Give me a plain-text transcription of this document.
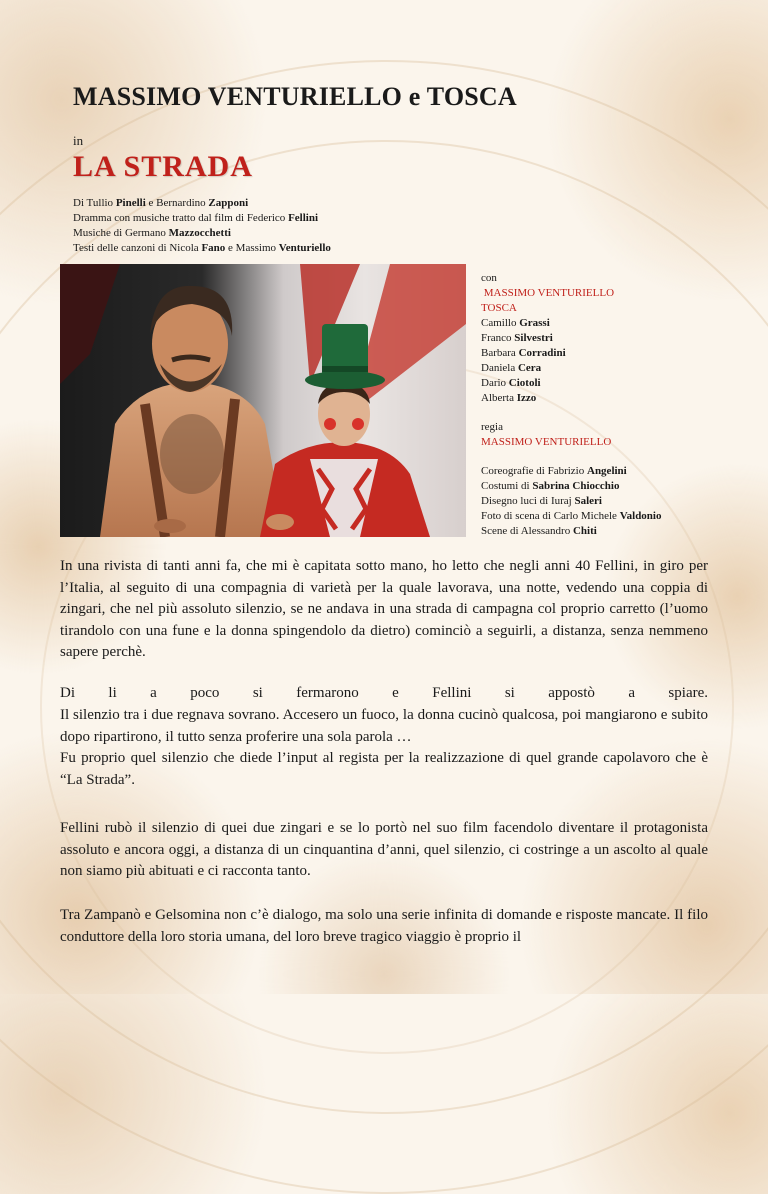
MASSIMO VENTURIELLO e TOSCA
in
LA STRADA
Di Tullio Pinelli e Bernardino Zapponi
Dramma con musiche tratto dal film di Federico Fellini
Musiche di Germano Mazzocchetti
Testi delle canzoni di Nicola Fano e Massimo Venturiello
con
MASSIMO VENTURIELLO
TOSCA
Camillo Grassi
Franco Silvestri
Barbara Corradini
Daniela Cera
Dario Ciotoli
Alberta Izzo
regia
MASSIMO VENTURIELLO
Coreografie di Fabrizio Angelini
Costumi di Sabrina Chiocchio
Disegno luci di Iuraj Saleri
Foto di scena di Carlo Michele Valdonio
Scene di Alessandro Chiti

In una rivista di tanti anni fa, che mi è capitata sotto mano, ho letto che negli anni 40 Fellini, in giro per l’Italia, al seguito di una compagnia di varietà per la quale lavorava, una notte, vedendo una coppia di zingari, che nel più assoluto silenzio, se ne andava in una strada di campagna col proprio carretto (l’uomo tirandolo con una fune e la donna spingendolo da dietro) cominciò a seguirli, a distanza, senza nemmeno sapere perchè.

Di li a poco si fermarono e Fellini si appostò a spiare.

Il silenzio tra i due regnava sovrano. Accesero un fuoco, la donna cucinò qualcosa, poi mangiarono e subito dopo ripartirono, il tutto senza proferire una sola parola …

Fu proprio quel silenzio che diede l’input al regista per la realizzazione di quel grande capolavoro che è “La Strada”.

Fellini rubò il silenzio di quei due zingari e se lo portò nel suo film facendolo diventare il protagonista assoluto e ancora oggi, a distanza di un cinquantina d’anni, quel silenzio, ci costringe a un ascolto al quale non siamo più abituati e ci racconta tanto.

Tra Zampanò e Gelsomina non c’è dialogo, ma solo una serie infinita di domande e risposte mancate. Il filo conduttore della loro storia umana, del loro breve tragico viaggio è proprio il
